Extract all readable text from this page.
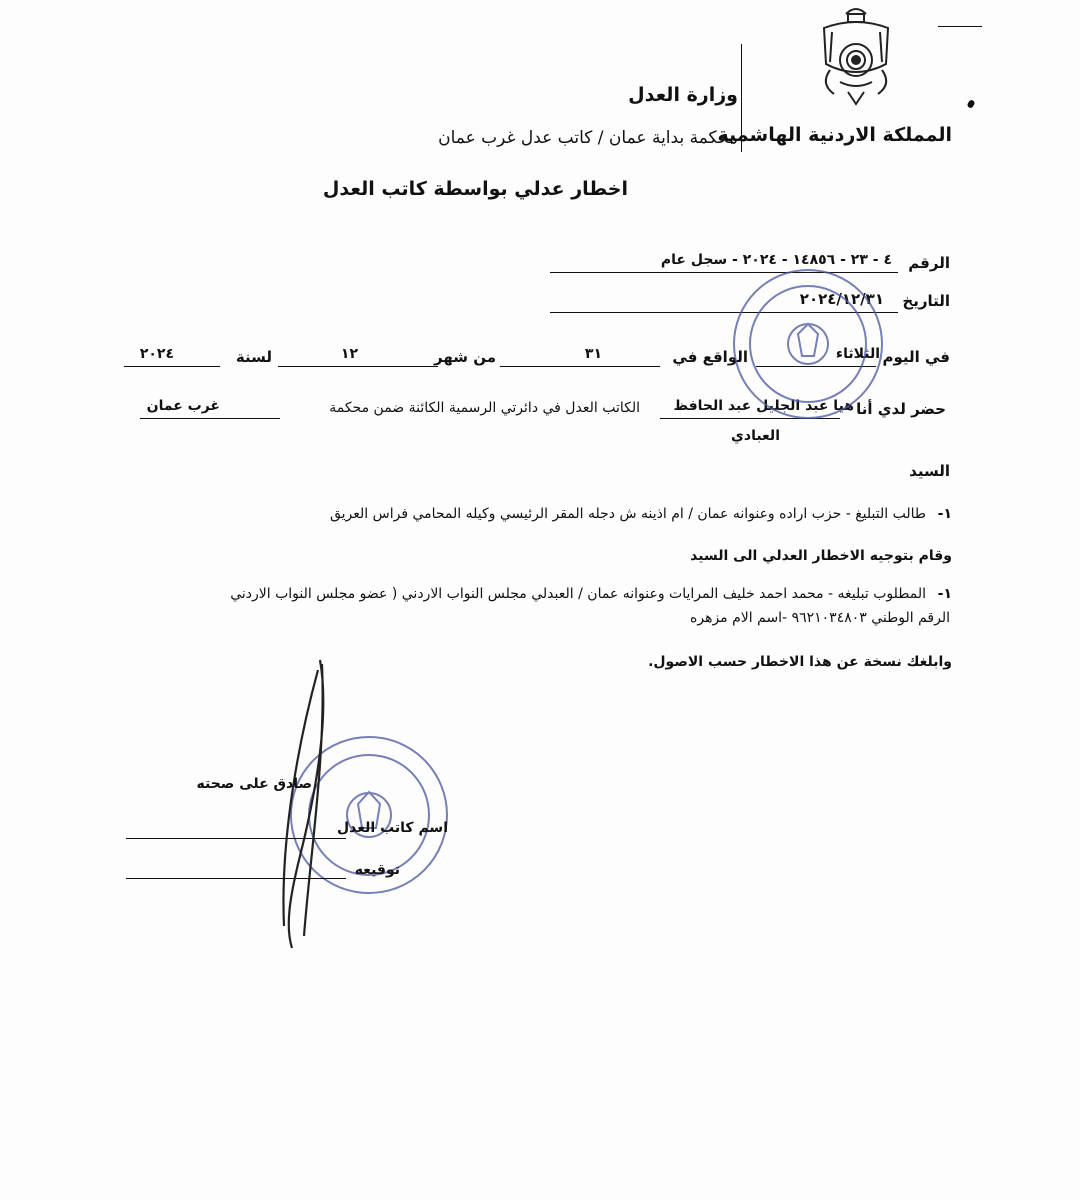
وزارة العدل
المملكة الاردنية الهاشمية
محكمة بداية عمان / كاتب عدل غرب عمان
اخطار عدلي بواسطة كاتب العدل
الرقم
٤ - ٢٣ - ١٤٨٥٦ - ٢٠٢٤ - سجل عام
التاريخ
٢٠٢٤/١٢/٣١
في اليوم
الثلاثاء
الواقع في
٣١
من شهر
١٢
لسنة
٢٠٢٤
حضر لدي أنا
هيا عبد الجليل عبد الحافظ
العبادي
الكاتب العدل في دائرتي الرسمية الكائنة ضمن محكمة
غرب عمان
السيد
١-
طالب التبليغ - حزب اراده وعنوانه عمان / ام اذينه ش دجله المقر الرئيسي وكيله المحامي فراس العريق
وقام بتوجيه الاخطار العدلي الى السيد
١-
المطلوب تبليغه - محمد احمد خليف المرايات وعنوانه عمان / العبدلي مجلس النواب الاردني ( عضو مجلس النواب الاردني
الرقم الوطني ٩٦٢١٠٣٤٨٠٣ -اسم الام مزهره
وابلغك نسخة عن هذا الاخطار حسب الاصول.
صادق على صحته
اسم كاتب العدل
توقيعه
